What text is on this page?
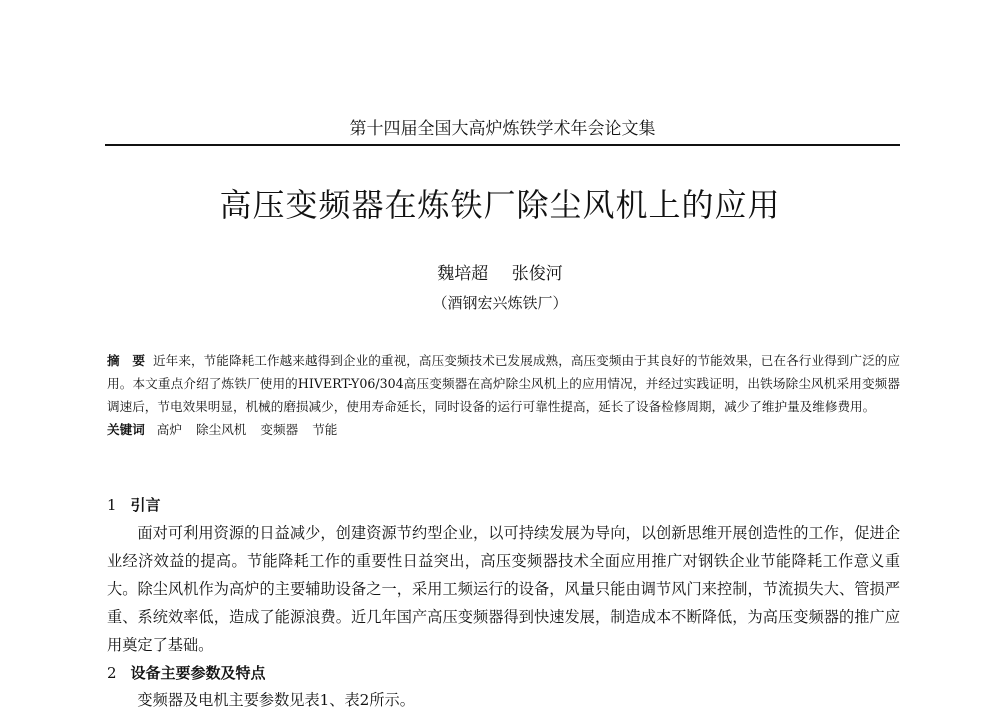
第十四届全国大高炉炼铁学术年会论文集
高压变频器在炼铁厂除尘风机上的应用
魏培超 张俊河
（酒钢宏兴炼铁厂）
摘　要 近年来，节能降耗工作越来越得到企业的重视，高压变频技术已发展成熟，高压变频由于其良好的节能效果，已在各行业得到广泛的应用。本文重点介绍了炼铁厂使用的HIVERT-Y06/304高压变频器在高炉除尘风机上的应用情况，并经过实践证明，出铁场除尘风机采用变频器调速后，节电效果明显，机械的磨损减少，使用寿命延长，同时设备的运行可靠性提高，延长了设备检修周期，减少了维护量及维修费用。
关键词 高炉 除尘风机 变频器 节能
1 引言
面对可利用资源的日益减少，创建资源节约型企业，以可持续发展为导向，以创新思维开展创造性的工作，促进企业经济效益的提高。节能降耗工作的重要性日益突出，高压变频器技术全面应用推广对钢铁企业节能降耗工作意义重大。除尘风机作为高炉的主要辅助设备之一，采用工频运行的设备，风量只能由调节风门来控制，节流损失大、管损严重、系统效率低，造成了能源浪费。近几年国产高压变频器得到快速发展，制造成本不断降低，为高压变频器的推广应用奠定了基础。
2 设备主要参数及特点
变频器及电机主要参数见表1、表2所示。
